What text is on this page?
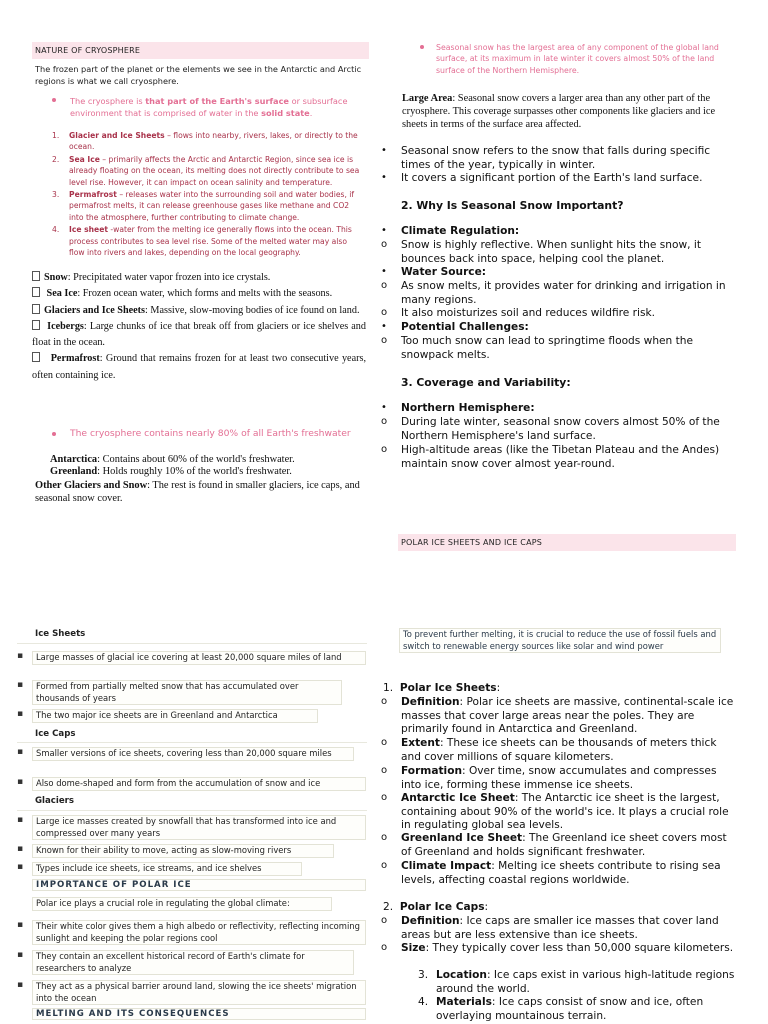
NATURE OF CRYOSPHERE
The frozen part of the planet or the elements we see in the Antarctic and Arctic regions is what we call cryosphere.
The cryosphere is that part of the Earth's surface or subsurface environment that is comprised of water in the solid state.
1. Glacier and Ice Sheets – flows into nearby, rivers, lakes, or directly to the ocean.
2. Sea Ice – primarily affects the Arctic and Antarctic Region, since sea ice is already floating on the ocean, its melting does not directly contribute to sea level rise. However, it can impact on ocean salinity and temperature.
3. Permafrost – releases water into the surrounding soil and water bodies, if permafrost melts, it can release greenhouse gases like methane and CO2 into the atmosphere, further contributing to climate change.
4. Ice sheet -water from the melting ice generally flows into the ocean. This process contributes to sea level rise. Some of the melted water may also flow into rivers and lakes, depending on the local geography.
Snow: Precipitated water vapor frozen into ice crystals.
Sea Ice: Frozen ocean water, which forms and melts with the seasons.
Glaciers and Ice Sheets: Massive, slow-moving bodies of ice found on land.
Icebergs: Large chunks of ice that break off from glaciers or ice shelves and float in the ocean.
Permafrost: Ground that remains frozen for at least two consecutive years, often containing ice.
The cryosphere contains nearly 80% of all Earth's freshwater
Antarctica: Contains about 60% of the world's freshwater.
Greenland: Holds roughly 10% of the world's freshwater.
Other Glaciers and Snow: The rest is found in smaller glaciers, ice caps, and seasonal snow cover.
Seasonal snow has the largest area of any component of the global land surface, at its maximum in late winter it covers almost 50% of the land surface of the Northern Hemisphere.
Large Area: Seasonal snow covers a larger area than any other part of the cryosphere. This coverage surpasses other components like glaciers and ice sheets in terms of the surface area affected.
• Seasonal snow refers to the snow that falls during specific times of the year, typically in winter.
• It covers a significant portion of the Earth's land surface.
2. Why Is Seasonal Snow Important?
• Climate Regulation:
o Snow is highly reflective. When sunlight hits the snow, it bounces back into space, helping cool the planet.
• Water Source:
o As snow melts, it provides water for drinking and irrigation in many regions.
o It also moisturizes soil and reduces wildfire risk.
• Potential Challenges:
o Too much snow can lead to springtime floods when the snowpack melts.
3. Coverage and Variability:
• Northern Hemisphere:
o During late winter, seasonal snow covers almost 50% of the Northern Hemisphere's land surface.
o High-altitude areas (like the Tibetan Plateau and the Andes) maintain snow cover almost year-round.
POLAR ICE SHEETS AND ICE CAPS
Ice Sheets
▪	Large masses of glacial ice covering at least 20,000 square miles of land
▪	Formed from partially melted snow that has accumulated over thousands of years
▪	The two major ice sheets are in Greenland and Antarctica
Ice Caps
▪	Smaller versions of ice sheets, covering less than 20,000 square miles
▪	Also dome-shaped and form from the accumulation of snow and ice
Glaciers
▪	Large ice masses created by snowfall that has transformed into ice and compressed over many years
▪	Known for their ability to move, acting as slow-moving rivers
▪	Types include ice sheets, ice streams, and ice shelves
IMPORTANCE OF POLAR ICE
Polar ice plays a crucial role in regulating the global climate:
▪	Their white color gives them a high albedo or reflectivity, reflecting incoming sunlight and keeping the polar regions cool
▪	They contain an excellent historical record of Earth's climate for researchers to analyze
▪	They act as a physical barrier around land, slowing the ice sheets' migration into the ocean
MELTING AND ITS CONSEQUENCES
To prevent further melting, it is crucial to reduce the use of fossil fuels and switch to renewable energy sources like solar and wind power
1. Polar Ice Sheets:
o Definition: Polar ice sheets are massive, continental-scale ice masses that cover large areas near the poles. They are primarily found in Antarctica and Greenland.
o Extent: These ice sheets can be thousands of meters thick and cover millions of square kilometers.
o Formation: Over time, snow accumulates and compresses into ice, forming these immense ice sheets.
o Antarctic Ice Sheet: The Antarctic ice sheet is the largest, containing about 90% of the world's ice. It plays a crucial role in regulating global sea levels.
o Greenland Ice Sheet: The Greenland ice sheet covers most of Greenland and holds significant freshwater.
o Climate Impact: Melting ice sheets contribute to rising sea levels, affecting coastal regions worldwide.
2. Polar Ice Caps:
o Definition: Ice caps are smaller ice masses that cover land areas but are less extensive than ice sheets.
o Size: They typically cover less than 50,000 square kilometers.
3. Location: Ice caps exist in various high-latitude regions around the world.
4. Materials: Ice caps consist of snow and ice, often overlaying mountainous terrain.
